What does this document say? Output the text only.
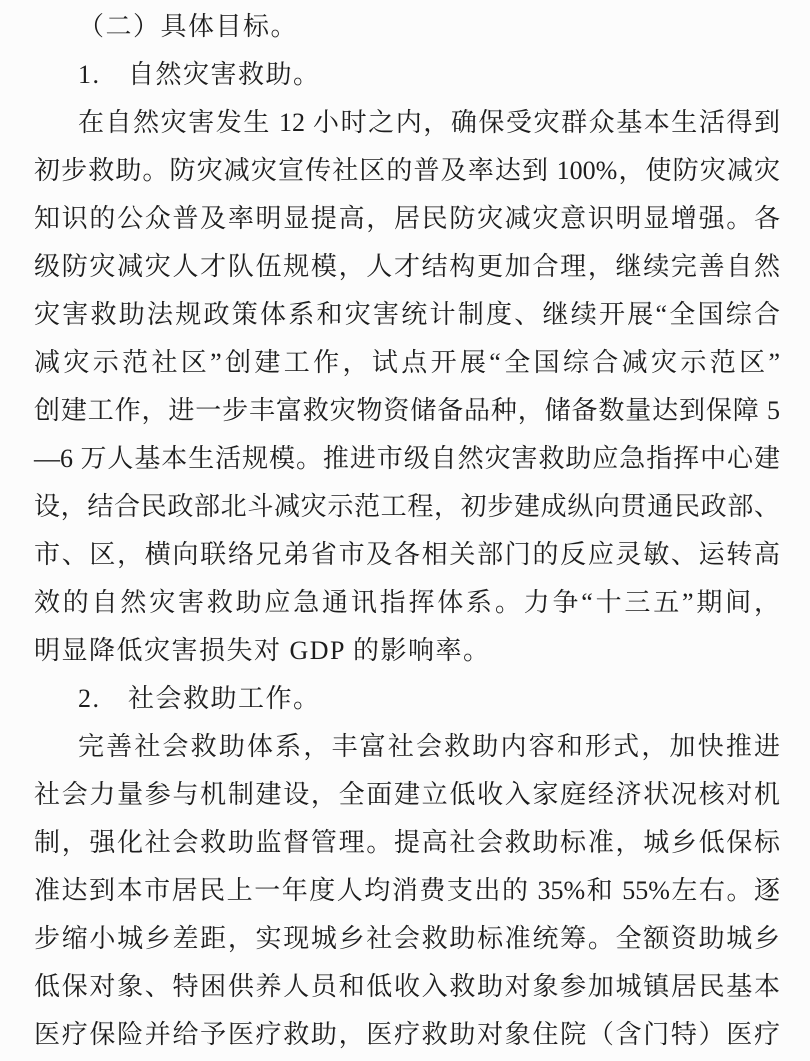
（二）具体目标。
1.　自然灾害救助。
在自然灾害发生 12 小时之内，确保受灾群众基本生活得到
初步救助。防灾减灾宣传社区的普及率达到 100%，使防灾减灾
知识的公众普及率明显提高，居民防灾减灾意识明显增强。各
级防灾减灾人才队伍规模，人才结构更加合理，继续完善自然
灾害救助法规政策体系和灾害统计制度、继续开展“全国综合
减灾示范社区”创建工作，试点开展“全国综合减灾示范区”
创建工作，进一步丰富救灾物资储备品种，储备数量达到保障 5
—6 万人基本生活规模。推进市级自然灾害救助应急指挥中心建
设，结合民政部北斗减灾示范工程，初步建成纵向贯通民政部、
市、区，横向联络兄弟省市及各相关部门的反应灵敏、运转高
效的自然灾害救助应急通讯指挥体系。力争“十三五”期间，
明显降低灾害损失对 GDP 的影响率。
2.　社会救助工作。
完善社会救助体系，丰富社会救助内容和形式，加快推进
社会力量参与机制建设，全面建立低收入家庭经济状况核对机
制，强化社会救助监督管理。提高社会救助标准，城乡低保标
准达到本市居民上一年度人均消费支出的 35%和 55%左右。逐
步缩小城乡差距，实现城乡社会救助标准统筹。全额资助城乡
低保对象、特困供养人员和低收入救助对象参加城镇居民基本
医疗保险并给予医疗救助，医疗救助对象住院（含门特）医疗
